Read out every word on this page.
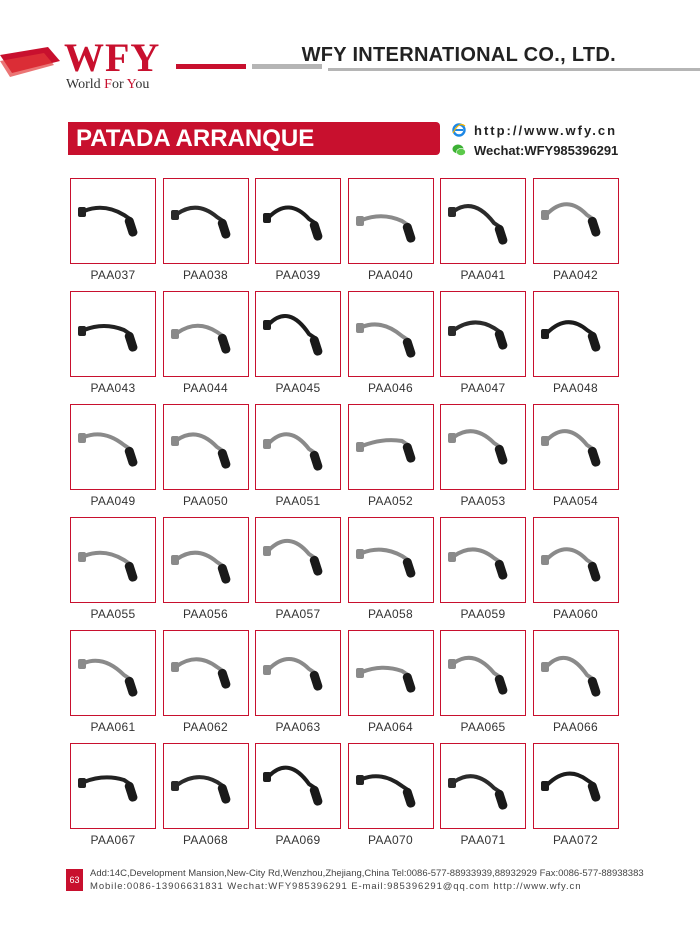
WFY
World For You
WFY INTERNATIONAL CO., LTD.
PATADA ARRANQUE	http://www.wfy.cn
Wechat:WFY985396291
PAA037	PAA038	PAA039	PAA040	PAA041	PAA042
PAA043	PAA044	PAA045	PAA046	PAA047	PAA048
PAA049	PAA050	PAA051	PAA052	PAA053	PAA054
PAA055	PAA056	PAA057	PAA058	PAA059	PAA060
PAA061	PAA062	PAA063	PAA064	PAA065	PAA066
PAA067	PAA068	PAA069	PAA070	PAA071	PAA072
63
Add:14C,Development Mansion,New-City Rd,Wenzhou,Zhejiang,China Tel:0086-577-88933939,88932929 Fax:0086-577-88938383
Mobile:0086-13906631831 Wechat:WFY985396291 E-mail:985396291@qq.com http://www.wfy.cn
